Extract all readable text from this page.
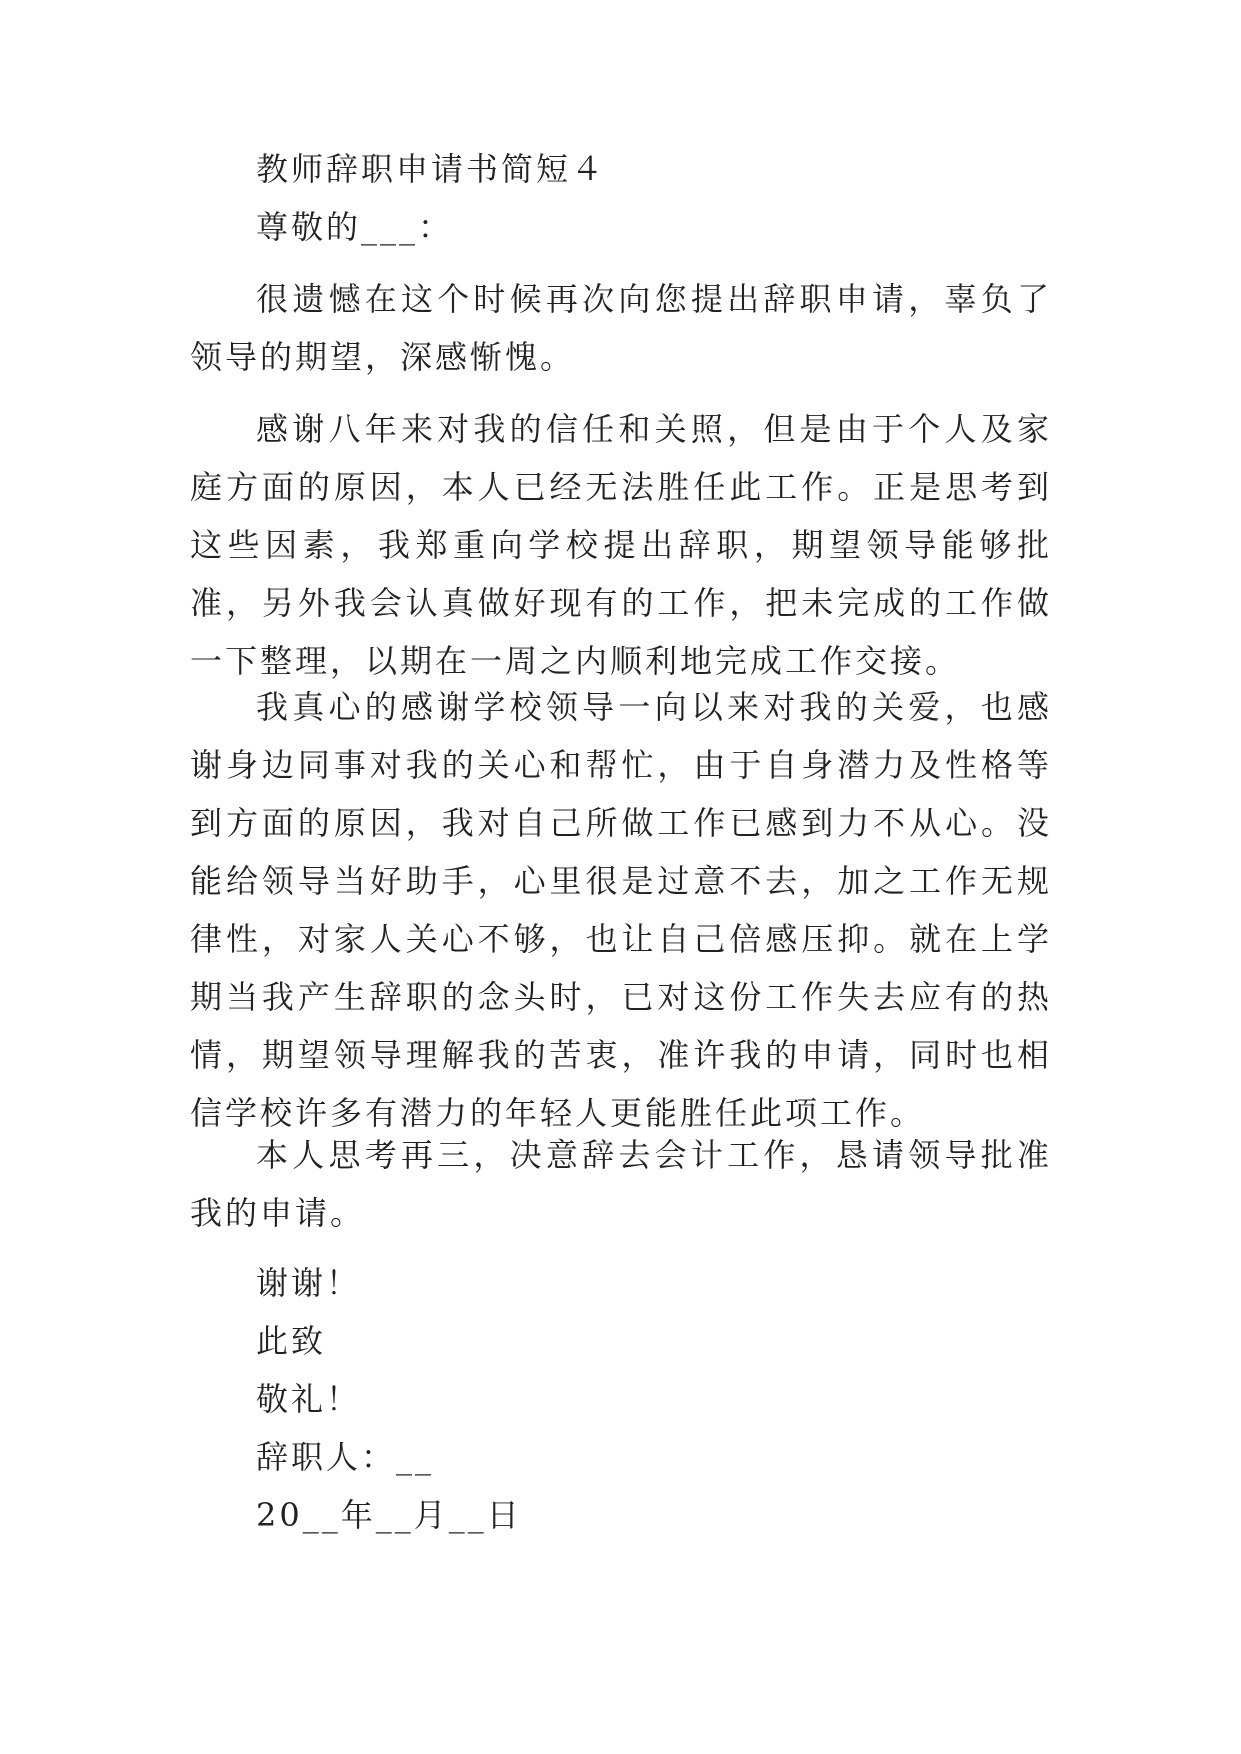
教师辞职申请书简短４
尊敬的___：
很遗憾在这个时候再次向您提出辞职申请，辜负了领导的期望，深感惭愧。
感谢八年来对我的信任和关照，但是由于个人及家庭方面的原因，本人已经无法胜任此工作。正是思考到这些因素，我郑重向学校提出辞职，期望领导能够批准，另外我会认真做好现有的工作，把未完成的工作做一下整理，以期在一周之内顺利地完成工作交接。
我真心的感谢学校领导一向以来对我的关爱，也感谢身边同事对我的关心和帮忙，由于自身潜力及性格等到方面的原因，我对自己所做工作已感到力不从心。没能给领导当好助手，心里很是过意不去，加之工作无规律性，对家人关心不够，也让自己倍感压抑。就在上学期当我产生辞职的念头时，已对这份工作失去应有的热情，期望领导理解我的苦衷，准许我的申请，同时也相信学校许多有潜力的年轻人更能胜任此项工作。
本人思考再三，决意辞去会计工作，恳请领导批准我的申请。
谢谢！
此致
敬礼！
辞职人：__
20__年__月__日
